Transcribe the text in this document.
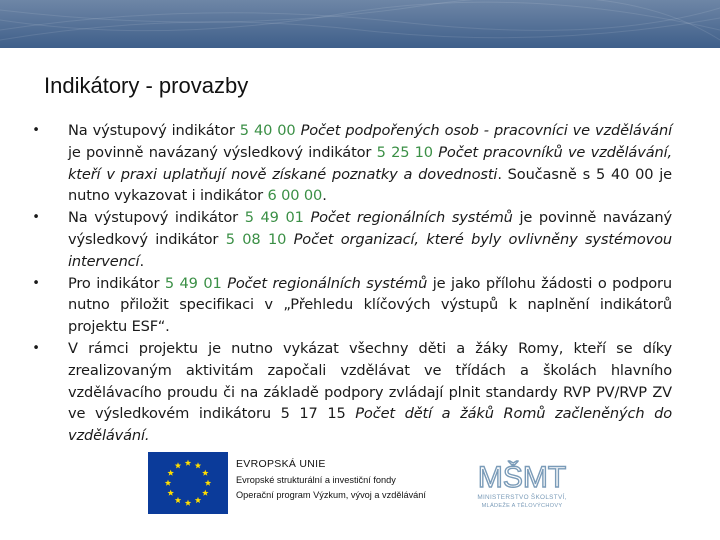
Indikátory - provazby
• Na výstupový indikátor 5 40 00 Počet podpořených osob - pracovníci ve vzdělávání je povinně navázaný výsledkový indikátor 5 25 10 Počet pracovníků ve vzdělávání, kteří v praxi uplatňují nově získané poznatky a dovednosti. Současně s 5 40 00 je nutno vykazovat i indikátor 6 00 00.
• Na výstupový indikátor 5 49 01 Počet regionálních systémů je povinně navázaný výsledkový indikátor 5 08 10 Počet organizací, které byly ovlivněny systémovou intervencí.
• Pro indikátor 5 49 01 Počet regionálních systémů je jako přílohu žádosti o podporu nutno přiložit specifikaci v „Přehledu klíčových výstupů k naplnění indikátorů projektu ESF“.
• V rámci projektu je nutno vykázat všechny děti a žáky Romy, kteří se díky zrealizovaným aktivitám započali vzdělávat ve třídách a školách hlavního vzdělávacího proudu či na základě podpory zvládají plnit standardy RVP PV/RVP ZV ve výsledkovém indikátoru 5 17 15 Počet dětí a žáků Romů začleněných do vzdělávání.
EVROPSKÁ UNIE
Evropské strukturální a investiční fondy
Operační program Výzkum, vývoj a vzdělávání
MŠMT
MINISTERSTVO ŠKOLSTVÍ,
MLÁDEŽE A TĚLOVÝCHOVY
